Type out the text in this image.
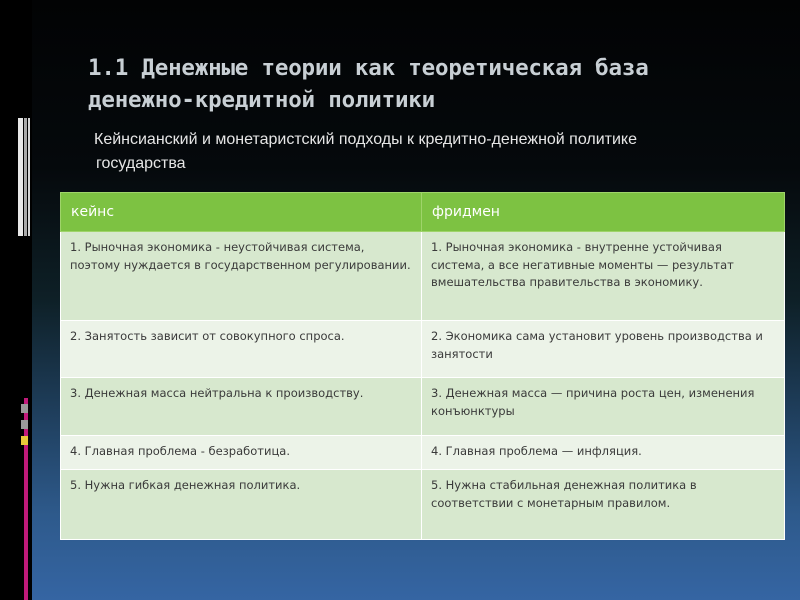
1.1 Денежные теории как теоретическая база
денежно-кредитной политики

Кейнсианский и монетаристский подходы к кредитно-денежной политике

государства

кейнс	фридмен
1. Рыночная экономика - неустойчивая система, поэтому нуждается в государственном регулировании.	1. Рыночная экономика - внутренне устойчивая система, а все негативные моменты — результат вмешательства правительства в экономику.
2. Занятость зависит от совокупного спроса.	2. Экономика сама установит уровень производства и занятости
3. Денежная масса нейтральна к производству.	3. Денежная масса — причина роста цен, изменения конъюнктуры
4. Главная проблема - безработица.	4. Главная проблема — инфляция.
5. Нужна гибкая денежная политика.	5. Нужна стабильная денежная политика в соответствии с монетарным правилом.
